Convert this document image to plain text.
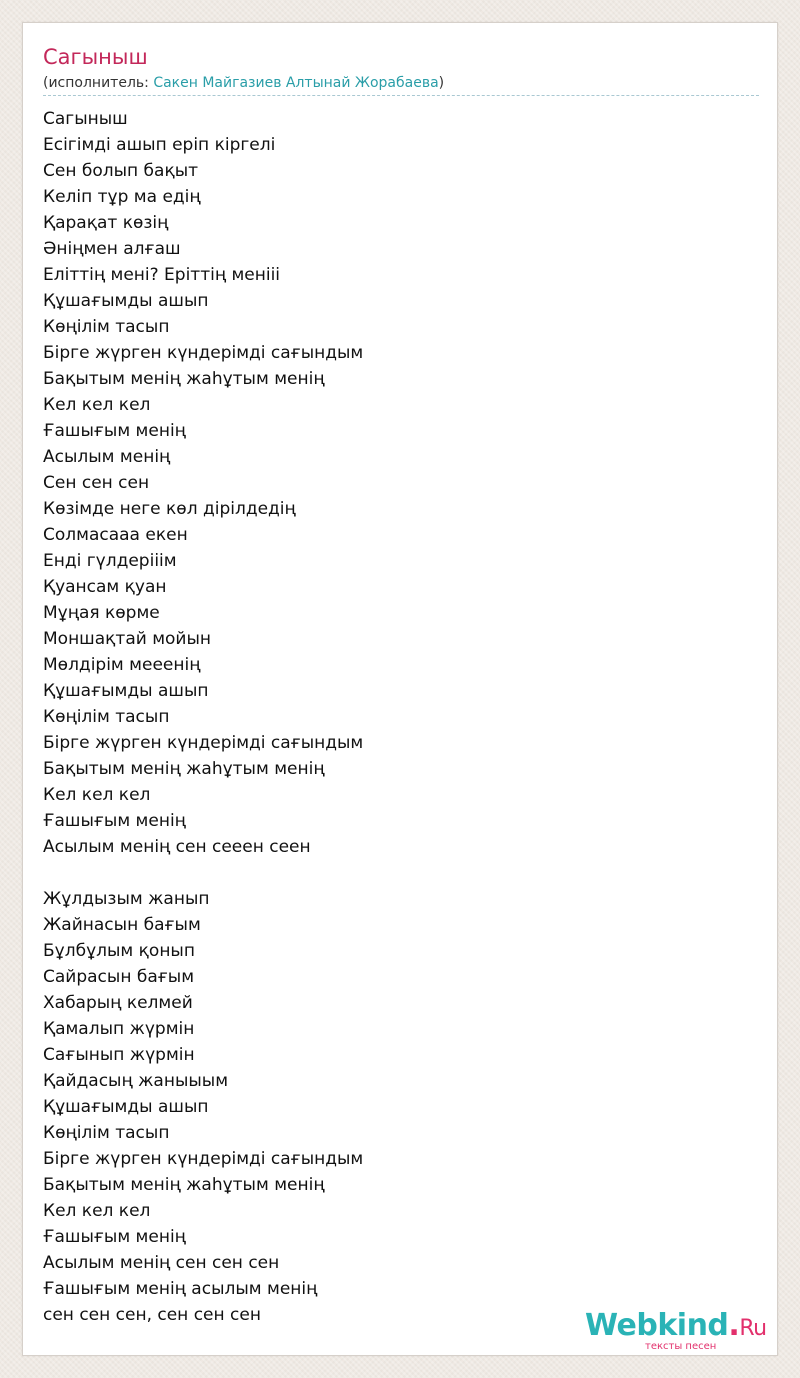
Сагыныш
(исполнитель: Сакен Майгазиев Алтынай Жорабаева)
Сагыныш
Есігімді ашып еріп кіргелі
Сен болып бақыт
Келіп тұр ма едің
Қарақат көзің
Әніңмен алғаш
Еліттің мені? Еріттің меніii
Құшағымды ашып
Көңілім тасып
Бірге жүрген күндерімді сағындым
Бақытым менің жаһұтым менің
Кел кел кел
Ғашығым менің
Асылым менің
Сен сен сен
Көзімде неге көл дірілдедің
Солмасааа екен
Енді гүлдеріiім
Қуансам қуан
Мұңая көрме
Моншақтай мойын
Мөлдірім мееенің
Құшағымды ашып
Көңілім тасып
Бірге жүрген күндерімді сағындым
Бақытым менің жаһұтым менің
Кел кел кел
Ғашығым менің
Асылым менің сен сееен сеен
Жұлдызым жанып
Жайнасын бағым
Бұлбұлым қонып
Сайрасын бағым
Хабарың келмей
Қамалып жүрмін
Сағынып жүрмін
Қайдасың жаныыым
Құшағымды ашып
Көңілім тасып
Бірге жүрген күндерімді сағындым
Бақытым менің жаһұтым менің
Кел кел кел
Ғашығым менің
Асылым менің сен сен сен
Ғашығым менің асылым менің
сен сен сен, сен сен сен	Webkind.Ru
тексты песен
